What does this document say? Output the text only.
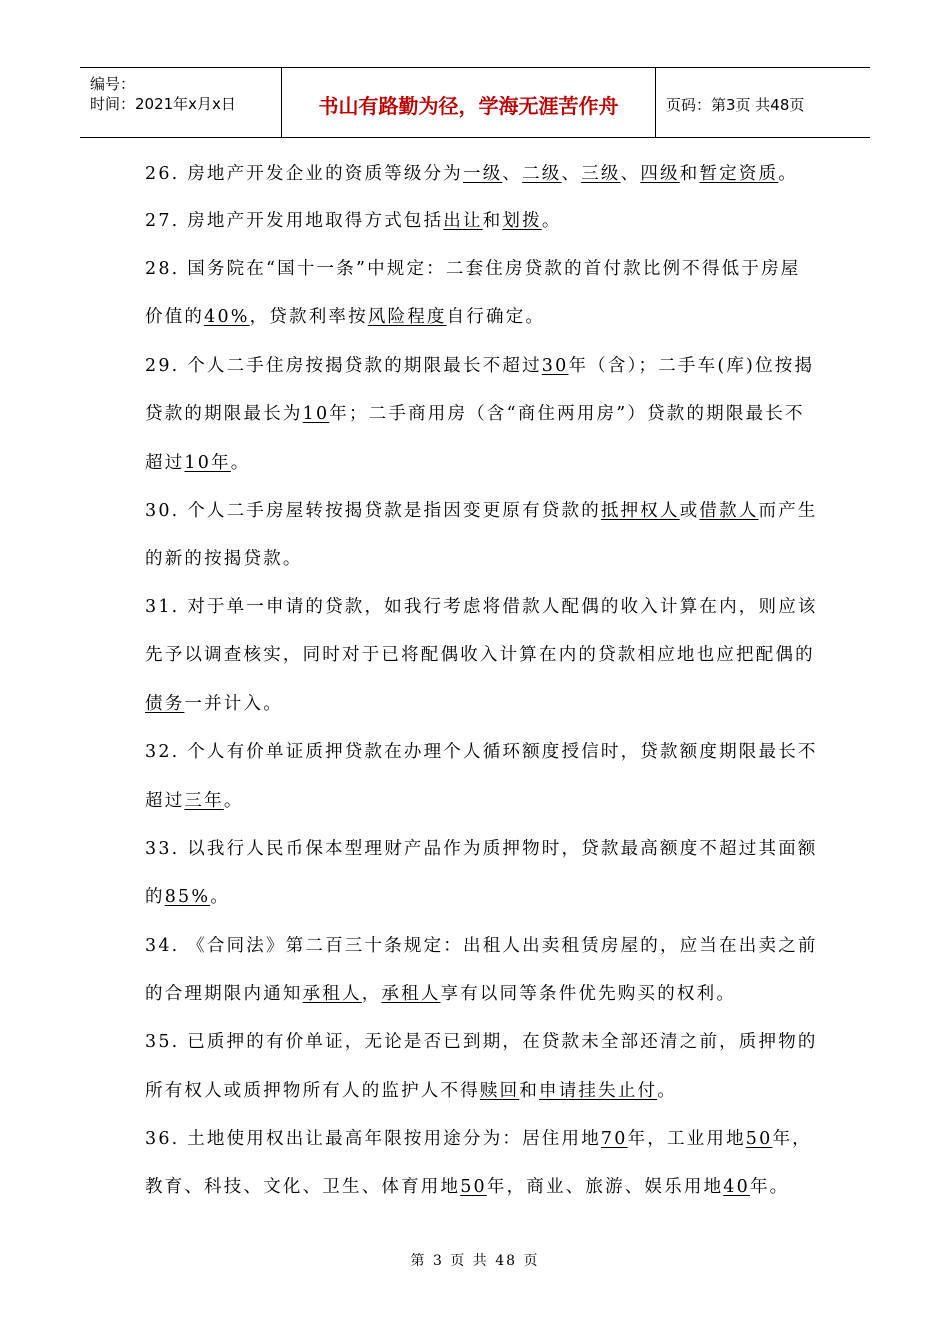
编号：
时间：2021年x月x日	书山有路勤为径，学海无涯苦作舟	页码：第3页 共48页
26. 房地产开发企业的资质等级分为一级、二级、三级、四级和暂定资质。
27. 房地产开发用地取得方式包括出让和划拨。
28. 国务院在“国十一条”中规定：二套住房贷款的首付款比例不得低于房屋
价值的40%，贷款利率按风险程度自行确定。
29. 个人二手住房按揭贷款的期限最长不超过30年（含）；二手车(库)位按揭
贷款的期限最长为10年；二手商用房（含“商住两用房”）贷款的期限最长不
超过10年。
30. 个人二手房屋转按揭贷款是指因变更原有贷款的抵押权人或借款人而产生
的新的按揭贷款。
31. 对于单一申请的贷款，如我行考虑将借款人配偶的收入计算在内，则应该
先予以调查核实，同时对于已将配偶收入计算在内的贷款相应地也应把配偶的
债务一并计入。
32. 个人有价单证质押贷款在办理个人循环额度授信时，贷款额度期限最长不
超过三年。
33. 以我行人民币保本型理财产品作为质押物时，贷款最高额度不超过其面额
的85%。
34. 《合同法》第二百三十条规定：出租人出卖租赁房屋的，应当在出卖之前
的合理期限内通知承租人，承租人享有以同等条件优先购买的权利。
35. 已质押的有价单证，无论是否已到期，在贷款未全部还清之前，质押物的
所有权人或质押物所有人的监护人不得赎回和申请挂失止付。
36. 土地使用权出让最高年限按用途分为：居住用地70年，工业用地50年，
教育、科技、文化、卫生、体育用地50年，商业、旅游、娱乐用地40年。
第 3 页 共 48 页
